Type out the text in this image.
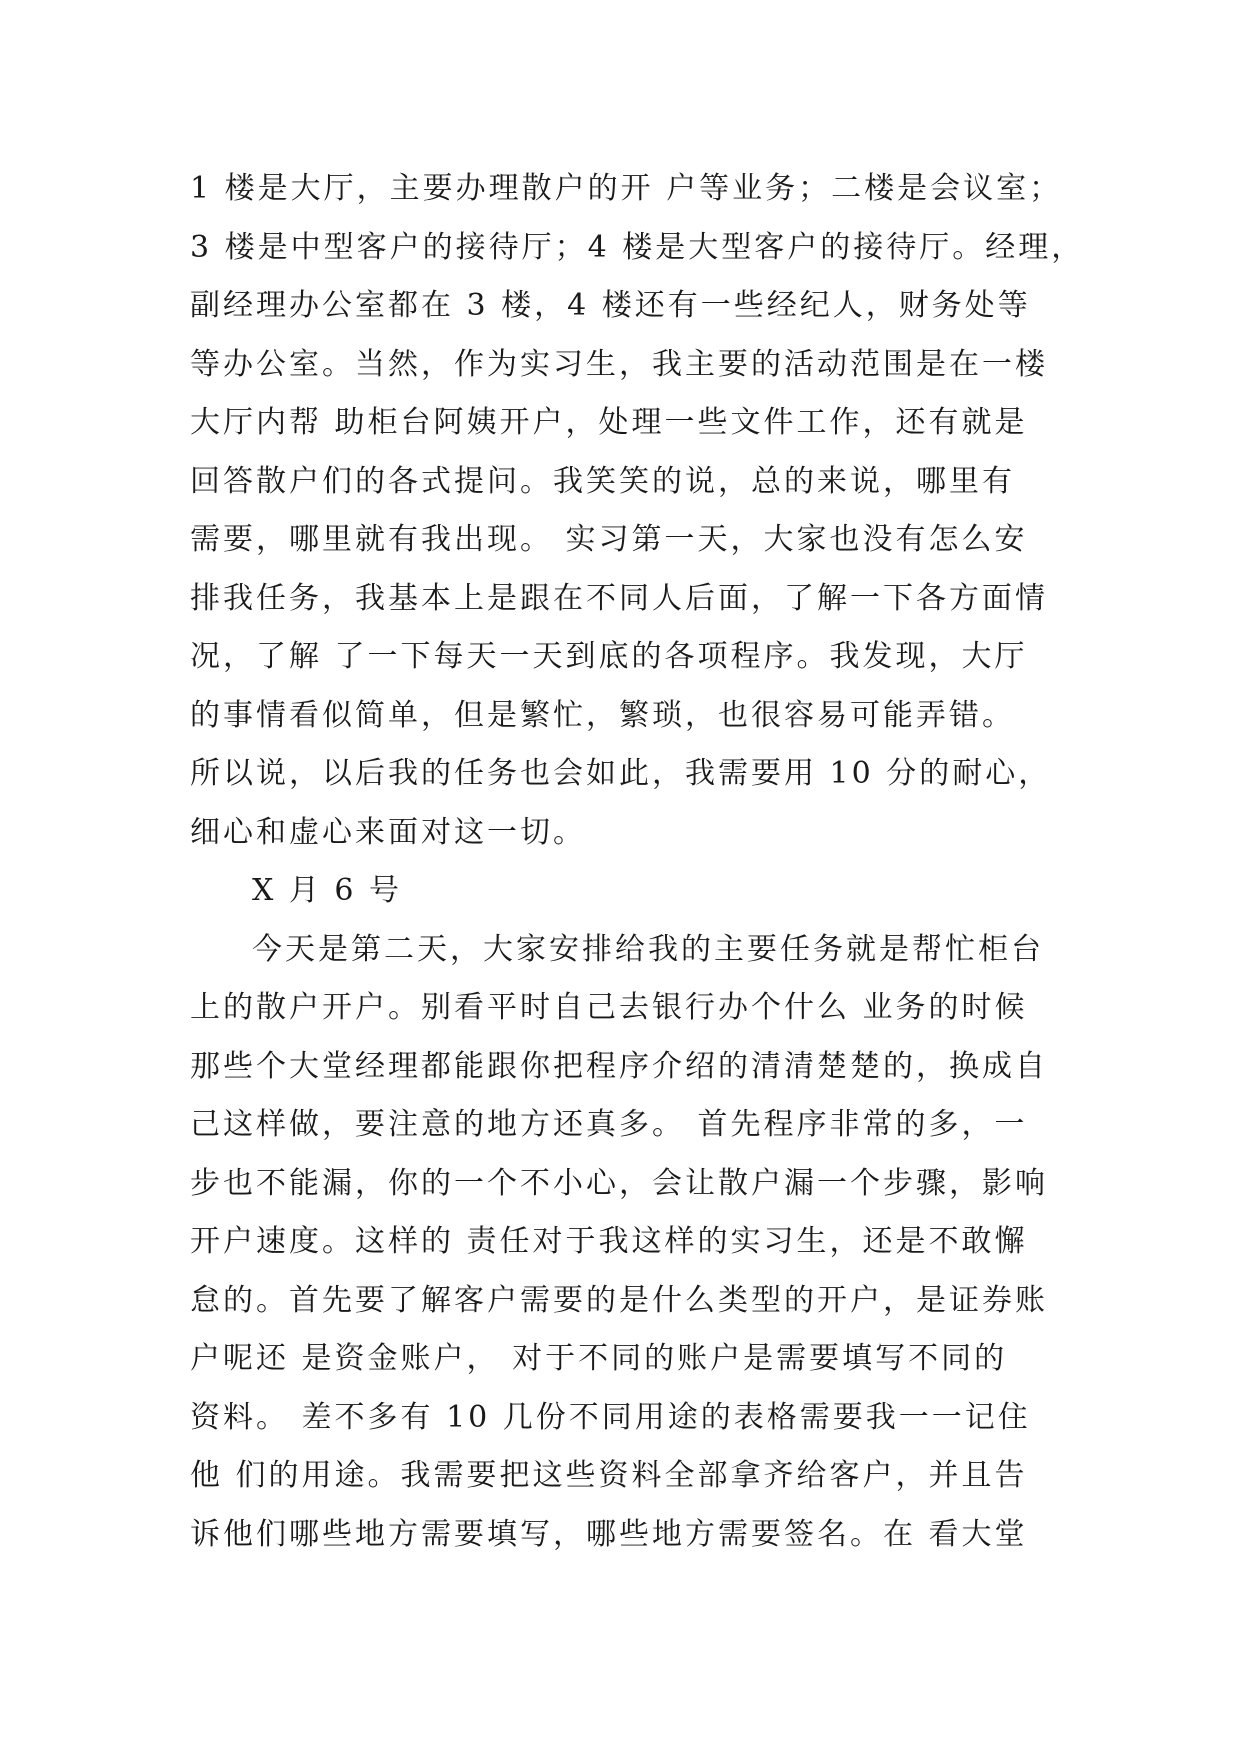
1 楼是大厅，主要办理散户的开 户等业务；二楼是会议室；
3 楼是中型客户的接待厅；4 楼是大型客户的接待厅。经理，
副经理办公室都在 3 楼，4 楼还有一些经纪人，财务处等
等办公室。当然，作为实习生，我主要的活动范围是在一楼
大厅内帮 助柜台阿姨开户，处理一些文件工作，还有就是
回答散户们的各式提问。我笑笑的说，总的来说，哪里有
需要，哪里就有我出现。 实习第一天，大家也没有怎么安
排我任务，我基本上是跟在不同人后面，了解一下各方面情
况，了解 了一下每天一天到底的各项程序。我发现，大厅
的事情看似简单，但是繁忙，繁琐，也很容易可能弄错。
所以说，以后我的任务也会如此，我需要用 10 分的耐心，
细心和虚心来面对这一切。
X 月 6 号
今天是第二天，大家安排给我的主要任务就是帮忙柜台
上的散户开户。别看平时自己去银行办个什么 业务的时候
那些个大堂经理都能跟你把程序介绍的清清楚楚的，换成自
己这样做，要注意的地方还真多。 首先程序非常的多，一
步也不能漏，你的一个不小心，会让散户漏一个步骤，影响
开户速度。这样的 责任对于我这样的实习生，还是不敢懈
怠的。首先要了解客户需要的是什么类型的开户，是证券账
户呢还 是资金账户， 对于不同的账户是需要填写不同的
资料。 差不多有 10 几份不同用途的表格需要我一一记住
他 们的用途。我需要把这些资料全部拿齐给客户，并且告
诉他们哪些地方需要填写，哪些地方需要签名。在 看大堂
